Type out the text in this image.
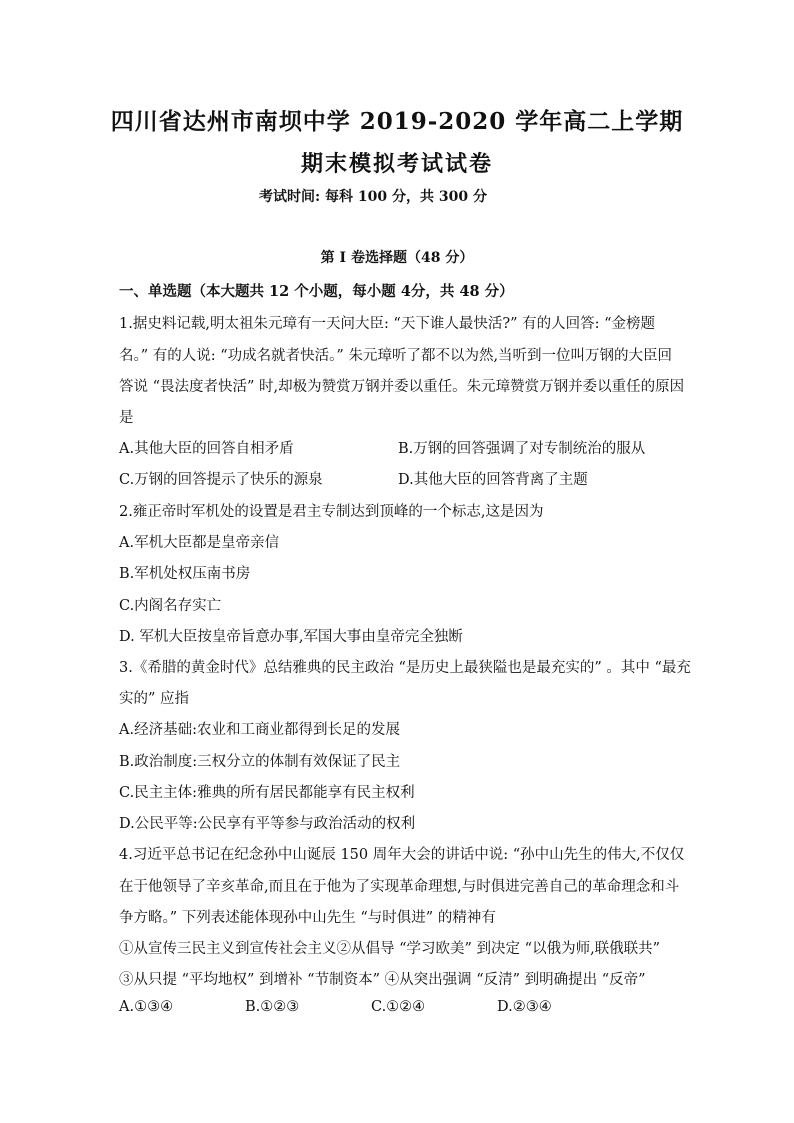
四川省达州市南坝中学 2019-2020 学年高二上学期
期末模拟考试试卷
考试时间: 每科 100 分，共 300 分
第 I 卷选择题（48 分）
一、单选题（本大题共 12 个小题，每小题 4分，共 48 分）
1.据史料记载,明太祖朱元璋有一天问大臣: “天下谁人最快活?” 有的人回答: “金榜题
名。” 有的人说: “功成名就者快活。” 朱元璋听了都不以为然,当听到一位叫万钢的大臣回
答说 “畏法度者快活” 时,却极为赞赏万钢并委以重任。朱元璋赞赏万钢并委以重任的原因
是
A.其他大臣的回答自相矛盾	B.万钢的回答强调了对专制统治的服从
C.万钢的回答提示了快乐的源泉	D.其他大臣的回答背离了主题
2.雍正帝时军机处的设置是君主专制达到顶峰的一个标志,这是因为
A.军机大臣都是皇帝亲信
B.军机处权压南书房
C.内阁名存实亡
D. 军机大臣按皇帝旨意办事,军国大事由皇帝完全独断
3.《希腊的黄金时代》总结雅典的民主政治 “是历史上最狭隘也是最充实的” 。其中 “最充
实的” 应指
A.经济基础:农业和工商业都得到长足的发展
B.政治制度:三权分立的体制有效保证了民主
C.民主主体:雅典的所有居民都能享有民主权利
D.公民平等:公民享有平等参与政治活动的权利
4.习近平总书记在纪念孙中山诞辰 150 周年大会的讲话中说: “孙中山先生的伟大,不仅仅
在于他领导了辛亥革命,而且在于他为了实现革命理想,与时俱进完善自己的革命理念和斗
争方略。” 下列表述能体现孙中山先生 “与时俱进” 的精神有
①从宣传三民主义到宣传社会主义②从倡导 “学习欧美” 到决定 “以俄为师,联俄联共”
③从只提 “平均地权” 到增补 “节制资本” ④从突出强调 “反清” 到明确提出 “反帝”
A.①③④	B.①②③	C.①②④	D.②③④
